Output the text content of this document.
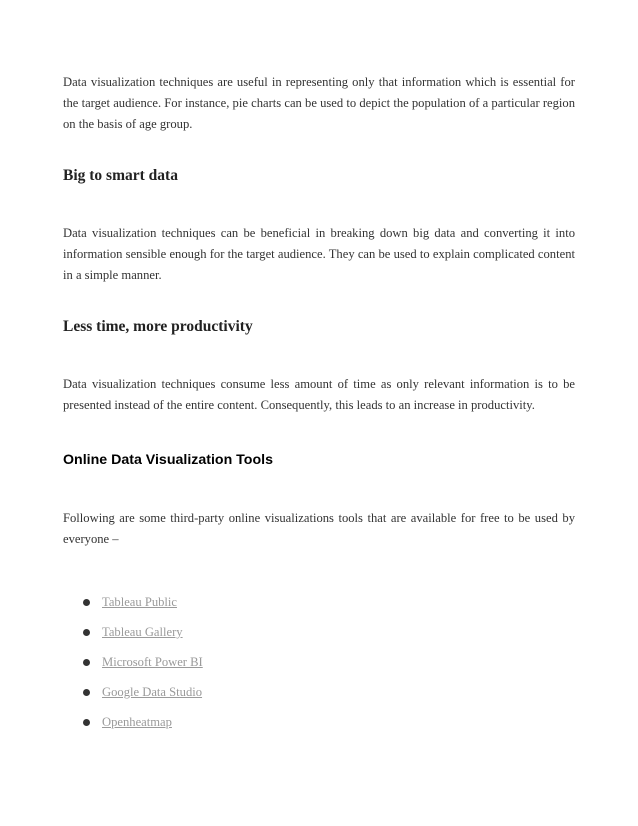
Data visualization techniques are useful in representing only that information which is essential for the target audience. For instance, pie charts can be used to depict the population of a particular region on the basis of age group.

Big to smart data

Data visualization techniques can be beneficial in breaking down big data and converting it into information sensible enough for the target audience. They can be used to explain complicated content in a simple manner.

Less time, more productivity

Data visualization techniques consume less amount of time as only relevant information is to be presented instead of the entire content. Consequently, this leads to an increase in productivity.

Online Data Visualization Tools

Following are some third-party online visualizations tools that are available for free to be used by everyone –

Tableau Public
Tableau Gallery
Microsoft Power BI
Google Data Studio
Openheatmap
